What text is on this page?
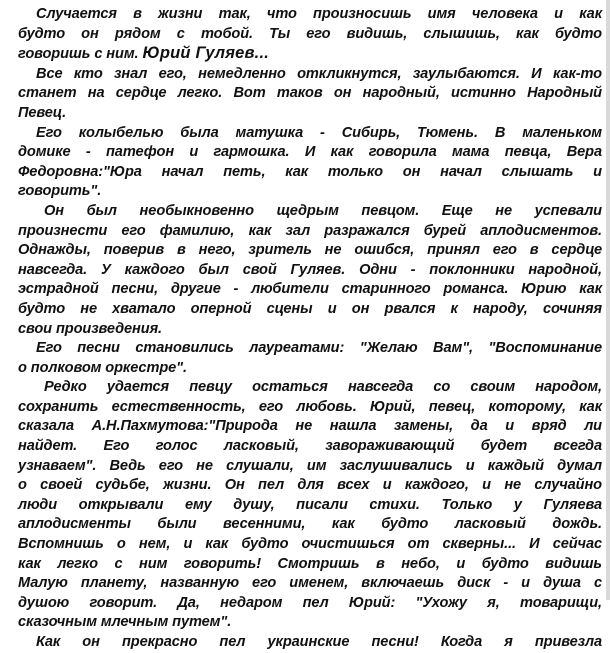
Случается в жизни так, что произносишь имя человека и как
будто он рядом с тобой. Ты его видишь, слышишь, как будто
говоришь с ним. Юрий Гуляев...
Все кто знал его, немедленно откликнутся, заулыбаются. И как-то
станет на сердце легко. Вот таков он народный, истинно Народный
Певец.
Его колыбелью была матушка - Сибирь, Тюмень. В маленьком
домике - патефон и гармошка. И как говорила мама певца, Вера
Федоровна:"Юра начал петь, как только он начал слышать и
говорить".
Он был необыкновенно щедрым певцом. Еще не успевали
произнести его фамилию, как зал разражался бурей аплодисментов.
Однажды, поверив в него, зритель не ошибся, принял его в сердце
навсегда. У каждого был свой Гуляев. Одни - поклонники народной,
эстрадной песни, другие - любители старинного романса. Юрию как
будто не хватало оперной сцены и он рвался к народу, сочиняя
свои произведения.
Его песни становились лауреатами: "Желаю Вам", "Воспоминание
о полковом оркестре".
Редко удается певцу остаться навсегда со своим народом,
сохранить естественность, его любовь. Юрий, певец, которому, как
сказала А.Н.Пахмутова:"Природа не нашла замены, да и вряд ли
найдет. Его голос ласковый, завораживающий будет всегда
узнаваем". Ведь его не слушали, им заслушивались и каждый думал
о своей судьбе, жизни. Он пел для всех и каждого, и не случайно
люди открывали ему душу, писали стихи. Только у Гуляева
аплодисменты были весенними, как будто ласковый дождь.
Вспомнишь о нем, и как будто очистишься от скверны... И сейчас
как легко с ним говорить! Смотришь в небо, и будто видишь
Малую планету, названную его именем, включаешь диск - и душа с
душою говорит. Да, недаром пел Юрий: "Ухожу я, товарищи,
сказочным млечным путем".
Как он прекрасно пел украинские песни! Когда я привезла
